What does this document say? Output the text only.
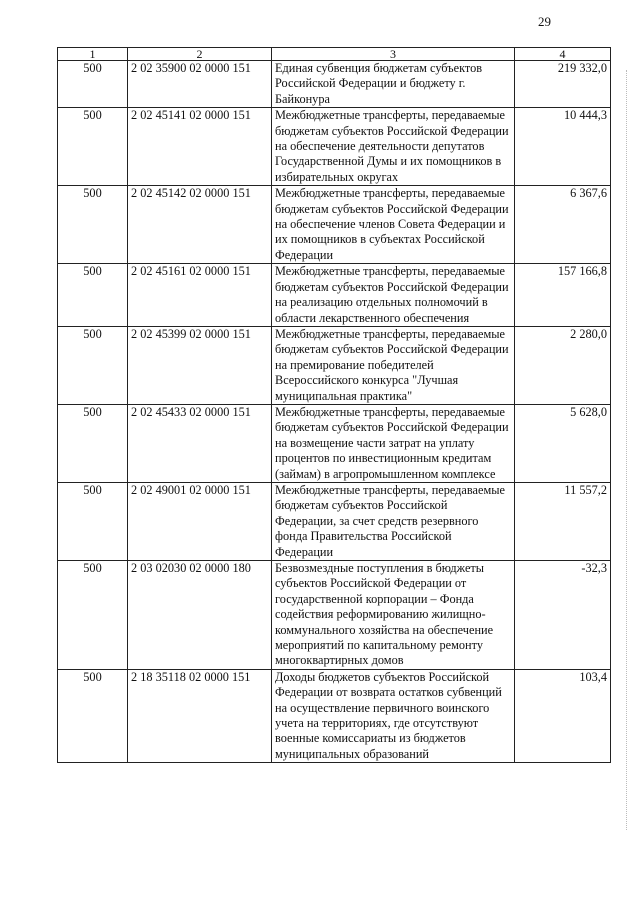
29
1	2	3	4
500	2 02 35900 02 0000 151	Единая субвенция бюджетам субъектов Российской Федерации и бюджету г. Байконура	219 332,0
500	2 02 45141 02 0000 151	Межбюджетные трансферты, передаваемые бюджетам субъектов Российской Федерации на обеспечение деятельности депутатов Государственной Думы и их помощников в избирательных округах	10 444,3
500	2 02 45142 02 0000 151	Межбюджетные трансферты, передаваемые бюджетам субъектов Российской Федерации на обеспечение членов Совета Федерации и их помощников в субъектах Российской Федерации	6 367,6
500	2 02 45161 02 0000 151	Межбюджетные трансферты, передаваемые бюджетам субъектов Российской Федерации на реализацию отдельных полномочий в области лекарственного обеспечения	157 166,8
500	2 02 45399 02 0000 151	Межбюджетные трансферты, передаваемые бюджетам субъектов Российской Федерации на премирование победителей Всероссийского конкурса "Лучшая муниципальная практика"	2 280,0
500	2 02 45433 02 0000 151	Межбюджетные трансферты, передаваемые бюджетам субъектов Российской Федерации на возмещение части затрат на уплату процентов по инвестиционным кредитам (займам) в агропромышленном комплексе	5 628,0
500	2 02 49001 02 0000 151	Межбюджетные трансферты, передаваемые бюджетам субъектов Российской Федерации, за счет средств резервного фонда Правительства Российской Федерации	11 557,2
500	2 03 02030 02 0000 180	Безвозмездные поступления в бюджеты субъектов Российской Федерации от государственной корпорации – Фонда содействия реформированию жилищно-коммунального хозяйства на обеспечение мероприятий по капитальному ремонту многоквартирных домов	-32,3
500	2 18 35118 02 0000 151	Доходы бюджетов субъектов Российской Федерации от возврата остатков субвенций на осуществление первичного воинского учета на территориях, где отсутствуют военные комиссариаты из бюджетов муниципальных образований	103,4
